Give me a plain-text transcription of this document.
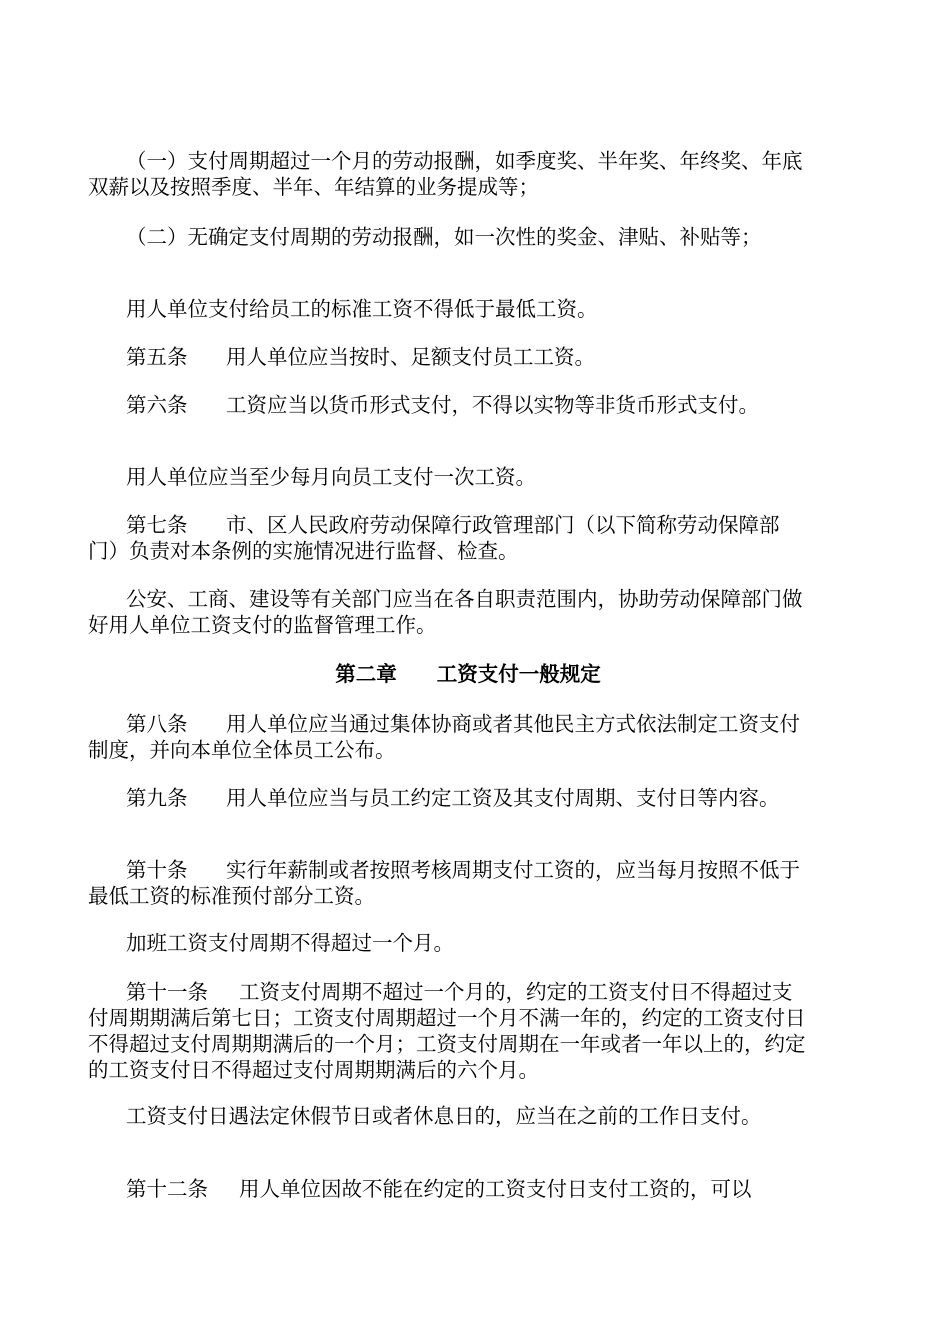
（一）支付周期超过一个月的劳动报酬，如季度奖、半年奖、年终奖、年底双薪以及按照季度、半年、年结算的业务提成等；

（二）无确定支付周期的劳动报酬，如一次性的奖金、津贴、补贴等；

用人单位支付给员工的标准工资不得低于最低工资。

第五条 用人单位应当按时、足额支付员工工资。

第六条 工资应当以货币形式支付，不得以实物等非货币形式支付。

用人单位应当至少每月向员工支付一次工资。

第七条 市、区人民政府劳动保障行政管理部门（以下简称劳动保障部门）负责对本条例的实施情况进行监督、检查。

公安、工商、建设等有关部门应当在各自职责范围内，协助劳动保障部门做好用人单位工资支付的监督管理工作。

第二章 工资支付一般规定

第八条 用人单位应当通过集体协商或者其他民主方式依法制定工资支付制度，并向本单位全体员工公布。

第九条 用人单位应当与员工约定工资及其支付周期、支付日等内容。

第十条 实行年薪制或者按照考核周期支付工资的，应当每月按照不低于最低工资的标准预付部分工资。

加班工资支付周期不得超过一个月。

第十一条 工资支付周期不超过一个月的，约定的工资支付日不得超过支付周期期满后第七日；工资支付周期超过一个月不满一年的，约定的工资支付日不得超过支付周期期满后的一个月；工资支付周期在一年或者一年以上的，约定的工资支付日不得超过支付周期期满后的六个月。

工资支付日遇法定休假节日或者休息日的，应当在之前的工作日支付。

第十二条 用人单位因故不能在约定的工资支付日支付工资的，可以
